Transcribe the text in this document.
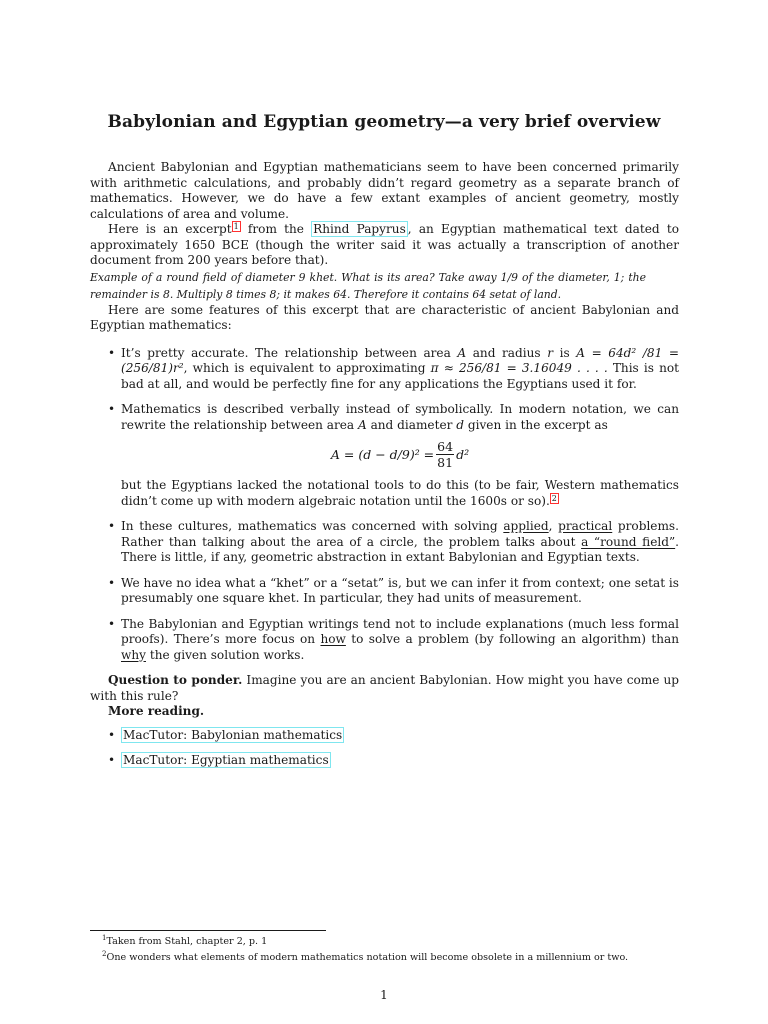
Babylonian and Egyptian geometry—a very brief overview

Ancient Babylonian and Egyptian mathematicians seem to have been concerned primarily with arithmetic calculations, and probably didn’t regard geometry as a separate branch of mathematics. However, we do have a few extant examples of ancient geometry, mostly calculations of area and volume.

Here is an excerpt $^1$ from the Rhind Papyrus , an Egyptian mathematical text dated to approximately 1650 BCE (though the writer said it was actually a transcription of another document from 200 years before that).

Example of a round field of diameter 9 khet. What is its area? Take away 1/9 of the diameter, 1; the remainder is 8. Multiply 8 times 8; it makes 64. Therefore it contains 64 setat of land.

Here are some features of this excerpt that are characteristic of ancient Babylonian and Egyptian mathematics:

• It’s pretty accurate. The relationship between area A and radius r is A = 64d² /81 = (256/81)r², which is equivalent to approximating π ≈ 256/81 = 3.16049 . . . . This is not bad at all, and would be perfectly fine for any applications the Egyptians used it for.
• Mathematics is described verbally instead of symbolically. In modern notation, we can rewrite the relationship between area A and diameter d given in the excerpt as
$A = (d - d/9)^2 = \frac{64}{81} d^2$
but the Egyptians lacked the notational tools to do this (to be fair, Western mathematics didn’t come up with modern algebraic notation until the 1600s or so). $^2$
• In these cultures, mathematics was concerned with solving applied, practical problems. Rather than talking about the area of a circle, the problem talks about a “round field”. There is little, if any, geometric abstraction in extant Babylonian and Egyptian texts.
• We have no idea what a “khet” or a “setat” is, but we can infer it from context; one setat is presumably one square khet. In particular, they had units of measurement.
• The Babylonian and Egyptian writings tend not to include explanations (much less formal proofs). There’s more focus on how to solve a problem (by following an algorithm) than why the given solution works.

Question to ponder. Imagine you are an ancient Babylonian. How might you have come up with this rule?

More reading.

• MacTutor: Babylonian mathematics
• MacTutor: Egyptian mathematics

$^1$Taken from Stahl, chapter 2, p. 1

$^2$One wonders what elements of modern mathematics notation will become obsolete in a millennium or two.

1
